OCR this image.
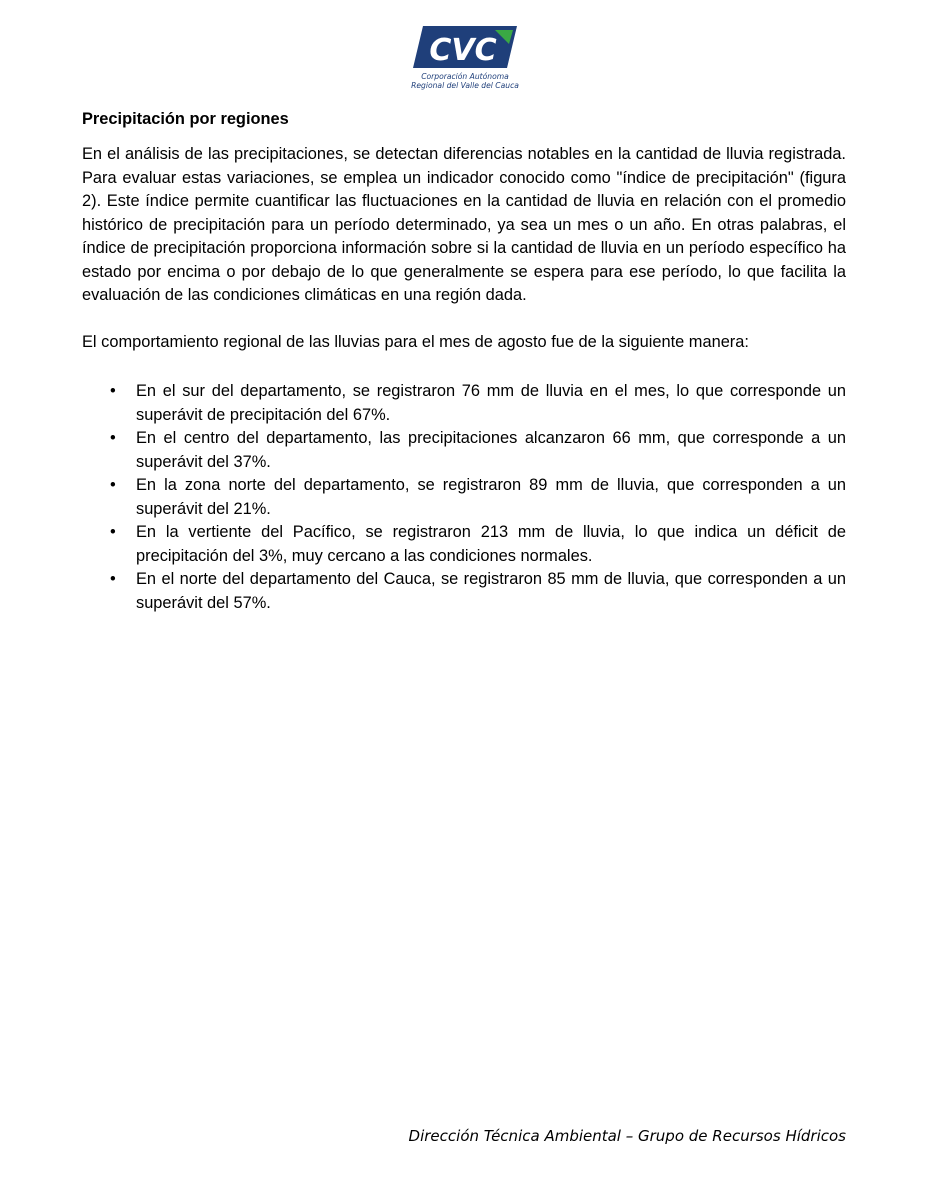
CVC
Corporación Autónoma
Regional del Valle del Cauca
Precipitación por regiones

En el análisis de las precipitaciones, se detectan diferencias notables en la cantidad de lluvia registrada. Para evaluar estas variaciones, se emplea un indicador conocido como "índice de precipitación" (figura 2). Este índice permite cuantificar las fluctuaciones en la cantidad de lluvia en relación con el promedio histórico de precipitación para un período determinado, ya sea un mes o un año. En otras palabras, el índice de precipitación proporciona información sobre si la cantidad de lluvia en un período específico ha estado por encima o por debajo de lo que generalmente se espera para ese período, lo que facilita la evaluación de las condiciones climáticas en una región dada.

El comportamiento regional de las lluvias para el mes de agosto fue de la siguiente manera:

• En el sur del departamento, se registraron 76 mm de lluvia en el mes, lo que corresponde un superávit de precipitación del 67%.
• En el centro del departamento, las precipitaciones alcanzaron 66 mm, que corresponde a un superávit del 37%.
• En la zona norte del departamento, se registraron 89 mm de lluvia, que corresponden a un superávit del 21%.
• En la vertiente del Pacífico, se registraron 213 mm de lluvia, lo que indica un déficit de precipitación del 3%, muy cercano a las condiciones normales.
• En el norte del departamento del Cauca, se registraron 85 mm de lluvia, que corresponden a un superávit del 57%.
Dirección Técnica Ambiental – Grupo de Recursos Hídricos
